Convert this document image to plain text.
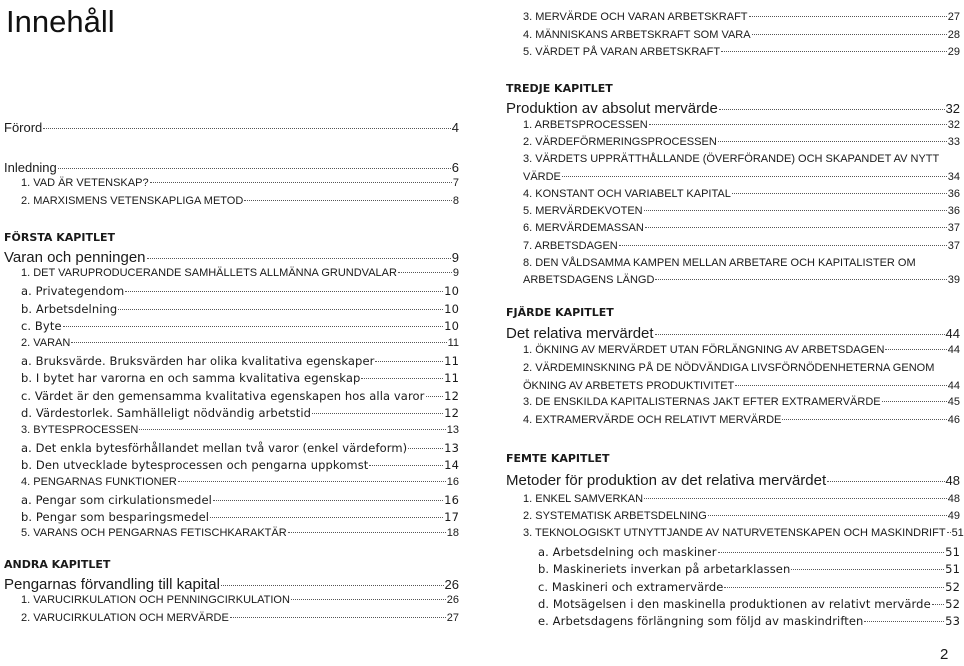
Innehåll
Förord	4
Inledning	6
1. VAD ÄR VETENSKAP?	7
2. MARXISMENS VETENSKAPLIGA METOD	8
FÖRSTA KAPITLET
Varan och penningen	9
1. DET VARUPRODUCERANDE SAMHÄLLETS ALLMÄNNA GRUNDVALAR	9
a. Privategendom	10
b. Arbetsdelning	10
c. Byte	10
2. VARAN	11
a. Bruksvärde. Bruksvärden har olika kvalitativa egenskaper	11
b. I bytet har varorna en och samma kvalitativa egenskap	11
c. Värdet är den gemensamma kvalitativa egenskapen hos alla varor 12
d. Värdestorlek. Samhälleligt nödvändig arbetstid	12
3. BYTESPROCESSEN	13
a. Det enkla bytesförhållandet mellan två varor (enkel värdeform)	13
b. Den utvecklade bytesprocessen och pengarna uppkomst	14
4. PENGARNAS FUNKTIONER	16
a. Pengar som cirkulationsmedel	16
b. Pengar som besparingsmedel	17
5. VARANS OCH PENGARNAS FETISCHKARAKTÄR	18
ANDRA KAPITLET
Pengarnas förvandling till kapital	26
1. VARUCIRKULATION OCH PENNINGCIRKULATION	26
2. VARUCIRKULATION OCH MERVÄRDE	27
3. MERVÄRDE OCH VARAN ARBETSKRAFT	27
4. MÄNNISKANS ARBETSKRAFT SOM VARA	28
5. VÄRDET PÅ VARAN ARBETSKRAFT	29
TREDJE KAPITLET
Produktion av absolut mervärde	32
1. ARBETSPROCESSEN	32
2. VÄRDEFÖRMERINGSPROCESSEN	33
3. VÄRDETS UPPRÄTTHÅLLANDE (ÖVERFÖRANDE) OCH SKAPANDET AV NYTT
VÄRDE	34
4. KONSTANT OCH VARIABELT KAPITAL	36
5. MERVÄRDEKVOTEN	36
6. MERVÄRDEMASSAN	37
7. ARBETSDAGEN	37
8. DEN VÅLDSAMMA KAMPEN MELLAN ARBETARE OCH KAPITALISTER OM
ARBETSDAGENS LÄNGD	39
FJÄRDE KAPITLET
Det relativa mervärdet	44
1. ÖKNING AV MERVÄRDET UTAN FÖRLÄNGNING AV ARBETSDAGEN	44
2. VÄRDEMINSKNING PÅ DE NÖDVÄNDIGA LIVSFÖRNÖDENHETERNA GENOM
ÖKNING AV ARBETETS PRODUKTIVITET	44
3. DE ENSKILDA KAPITALISTERNAS JAKT EFTER EXTRAMERVÄRDE	45
4. EXTRAMERVÄRDE OCH RELATIVT MERVÄRDE	46
FEMTE KAPITLET
Metoder för produktion av det relativa mervärdet	48
1. ENKEL SAMVERKAN	48
2. SYSTEMATISK ARBETSDELNING	49
3. TEKNOLOGISKT UTNYTTJANDE AV NATURVETENSKAPEN OCH MASKINDRIFT 51
a. Arbetsdelning och maskiner	51
b. Maskineriets inverkan på arbetarklassen	51
c. Maskineri och extramervärde	52
d. Motsägelsen i den maskinella produktionen av relativt mervärde 52
e. Arbetsdagens förlängning som följd av maskindriften	53
2
